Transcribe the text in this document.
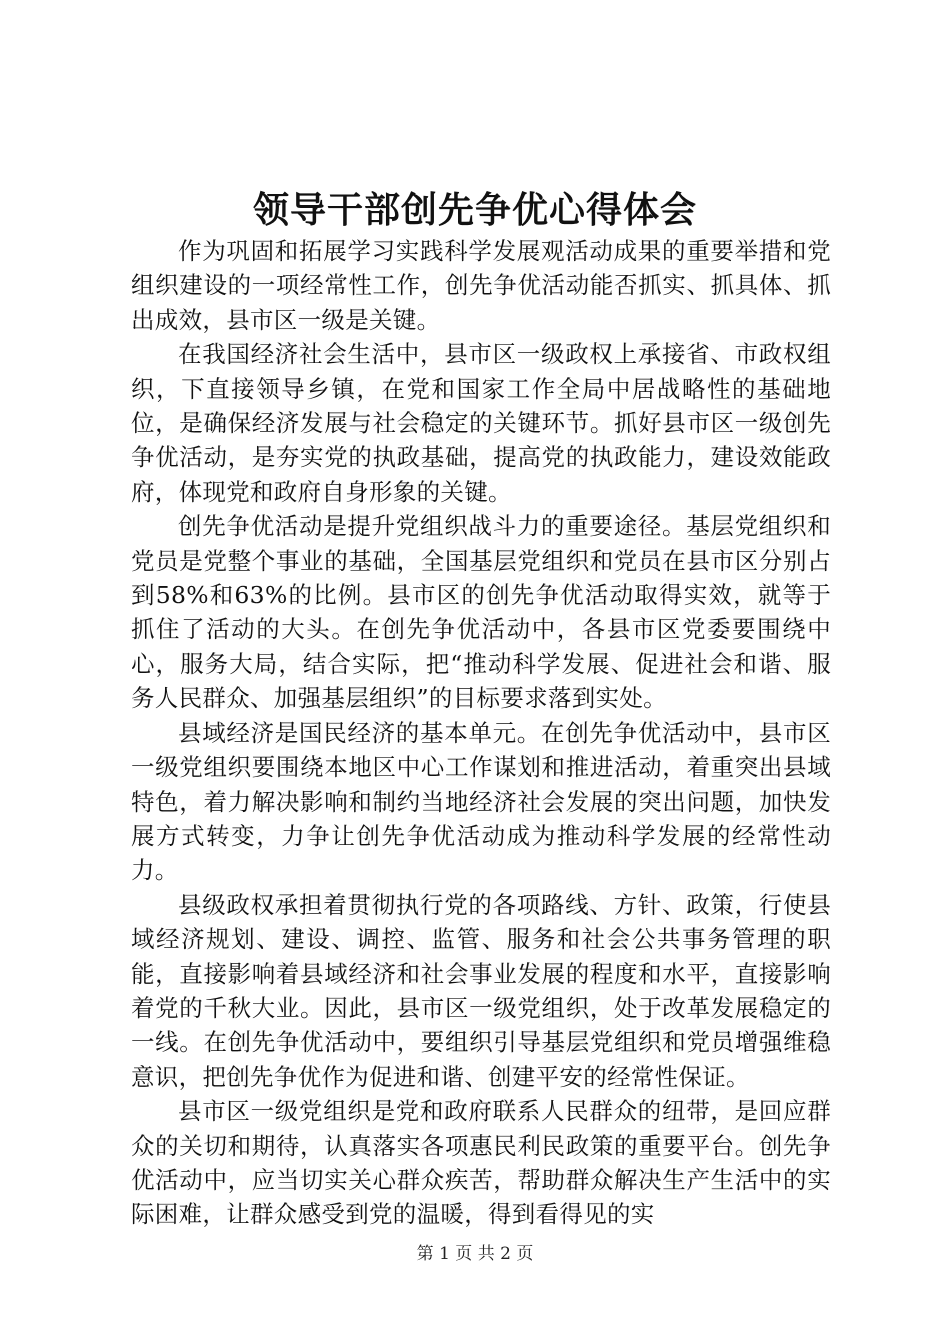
领导干部创先争优心得体会

作为巩固和拓展学习实践科学发展观活动成果的重要举措和党组织建设的一项经常性工作，创先争优活动能否抓实、抓具体、抓出成效，县市区一级是关键。

在我国经济社会生活中，县市区一级政权上承接省、市政权组织，下直接领导乡镇，在党和国家工作全局中居战略性的基础地位，是确保经济发展与社会稳定的关键环节。抓好县市区一级创先争优活动，是夯实党的执政基础，提高党的执政能力，建设效能政府，体现党和政府自身形象的关键。

创先争优活动是提升党组织战斗力的重要途径。基层党组织和党员是党整个事业的基础，全国基层党组织和党员在县市区分别占到58%和63%的比例。县市区的创先争优活动取得实效，就等于抓住了活动的大头。在创先争优活动中，各县市区党委要围绕中心，服务大局，结合实际，把“推动科学发展、促进社会和谐、服务人民群众、加强基层组织”的目标要求落到实处。

县域经济是国民经济的基本单元。在创先争优活动中，县市区一级党组织要围绕本地区中心工作谋划和推进活动，着重突出县域特色，着力解决影响和制约当地经济社会发展的突出问题，加快发展方式转变，力争让创先争优活动成为推动科学发展的经常性动力。

县级政权承担着贯彻执行党的各项路线、方针、政策，行使县域经济规划、建设、调控、监管、服务和社会公共事务管理的职能，直接影响着县域经济和社会事业发展的程度和水平，直接影响着党的千秋大业。因此，县市区一级党组织，处于改革发展稳定的一线。在创先争优活动中，要组织引导基层党组织和党员增强维稳意识，把创先争优作为促进和谐、创建平安的经常性保证。

县市区一级党组织是党和政府联系人民群众的纽带，是回应群众的关切和期待，认真落实各项惠民利民政策的重要平台。创先争优活动中，应当切实关心群众疾苦，帮助群众解决生产生活中的实际困难，让群众感受到党的温暖，得到看得见的实

第 1 页 共 2 页
